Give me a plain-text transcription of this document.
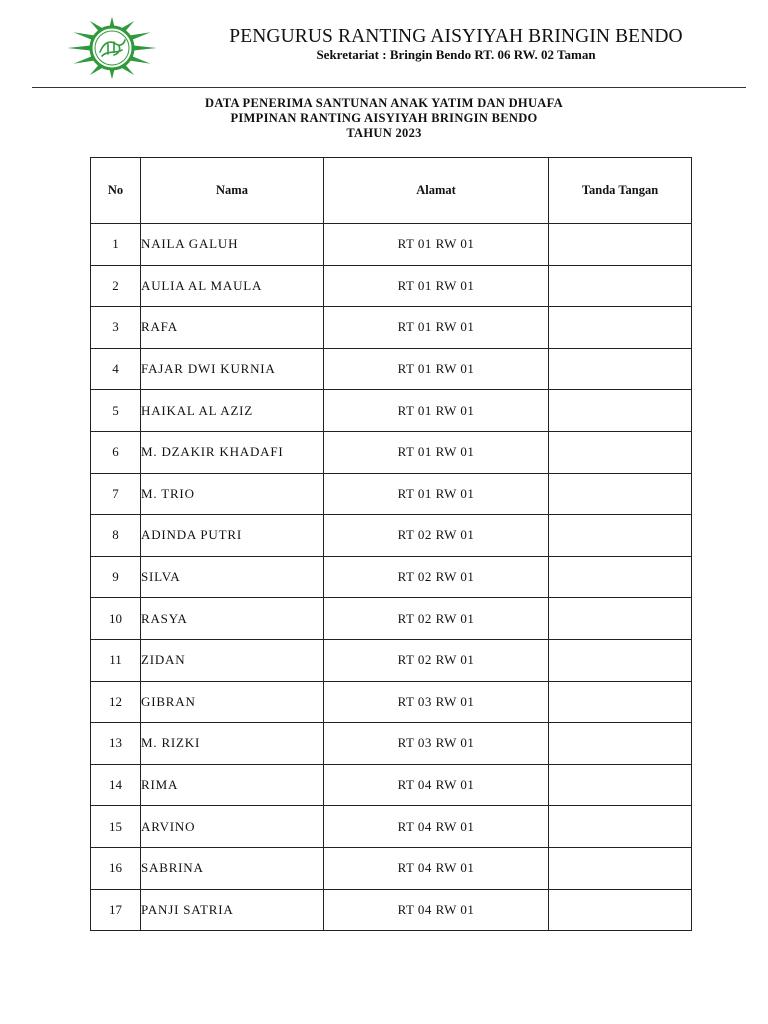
PENGURUS RANTING AISYIYAH BRINGIN BENDO
Sekretariat : Bringin Bendo RT. 06 RW. 02 Taman
DATA PENERIMA SANTUNAN ANAK YATIM DAN DHUAFA
PIMPINAN RANTING AISYIYAH BRINGIN BENDO
TAHUN 2023
No	Nama	Alamat	Tanda Tangan
1	NAILA GALUH	RT 01 RW 01	
2	AULIA AL MAULA	RT 01 RW 01	
3	RAFA	RT 01 RW 01	
4	FAJAR DWI KURNIA	RT 01 RW 01	
5	HAIKAL AL AZIZ	RT 01 RW 01	
6	M. DZAKIR KHADAFI	RT 01 RW 01	
7	M. TRIO	RT 01 RW 01	
8	ADINDA PUTRI	RT 02 RW 01	
9	SILVA	RT 02 RW 01	
10	RASYA	RT 02 RW 01	
11	ZIDAN	RT 02 RW 01	
12	GIBRAN	RT 03 RW 01	
13	M. RIZKI	RT 03 RW 01	
14	RIMA	RT 04 RW 01	
15	ARVINO	RT 04 RW 01	
16	SABRINA	RT 04 RW 01	
17	PANJI SATRIA	RT 04 RW 01	
